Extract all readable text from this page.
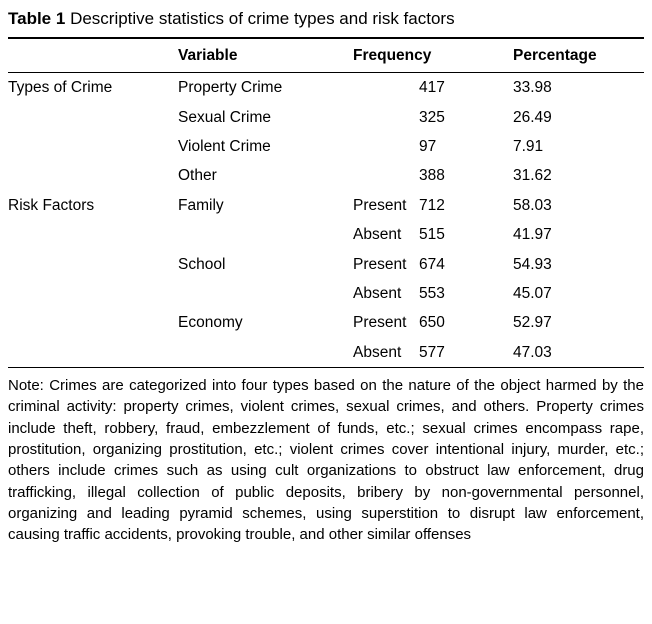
Table 1 Descriptive statistics of crime types and risk factors
	Variable	Frequency	Percentage
Types of Crime	Property Crime	417	33.98
	Sexual Crime	325	26.49
	Violent Crime	97	7.91
	Other	388	31.62
Risk Factors	Family	Present 712	58.03
		Absent 515	41.97
	School	Present 674	54.93
		Absent 553	45.07
	Economy	Present 650	52.97
		Absent 577	47.03
Note: Crimes are categorized into four types based on the nature of the object harmed by the criminal activity: property crimes, violent crimes, sexual crimes, and others. Property crimes include theft, robbery, fraud, embezzlement of funds, etc.; sexual crimes encompass rape, prostitution, organizing prostitution, etc.; violent crimes cover intentional injury, murder, etc.; others include crimes such as using cult organizations to obstruct law enforcement, drug trafficking, illegal collection of public deposits, bribery by non-governmental personnel, organizing and leading pyramid schemes, using superstition to disrupt law enforcement, causing traffic accidents, provoking trouble, and other similar offenses
